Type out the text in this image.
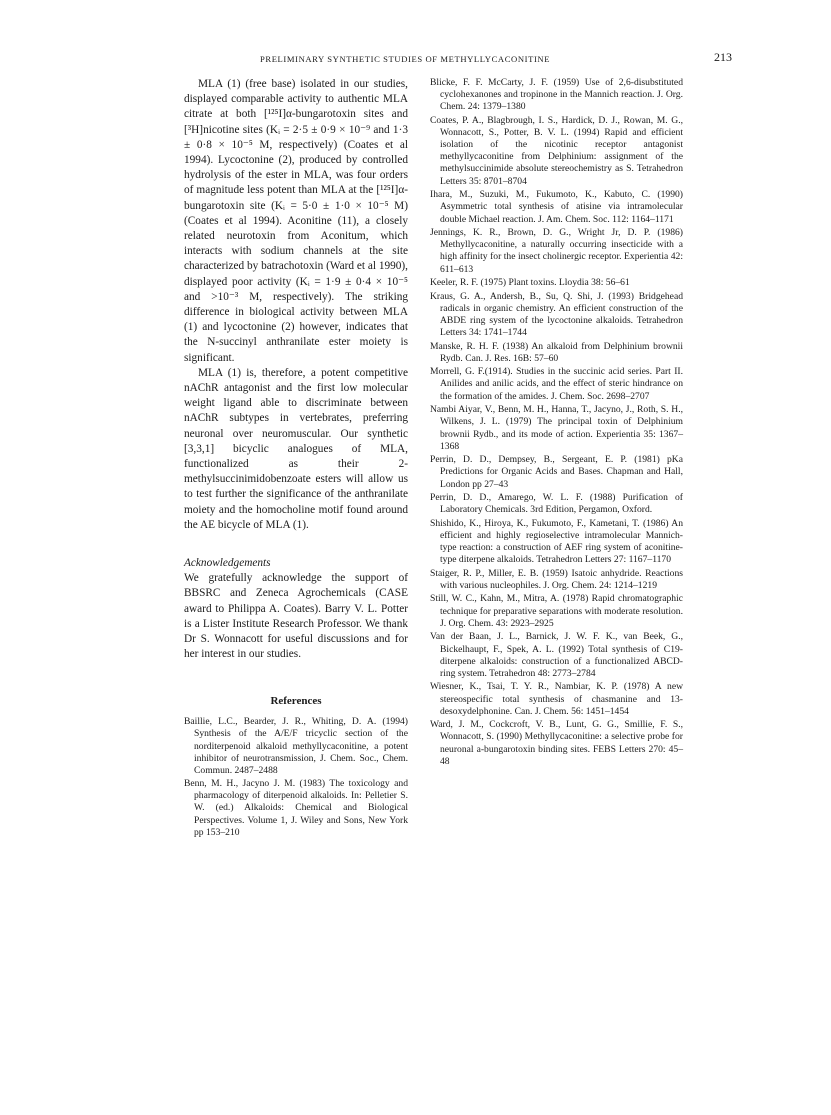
PRELIMINARY SYNTHETIC STUDIES OF METHYLLYCACONITINE	213

MLA (1) (free base) isolated in our studies, displayed comparable activity to authentic MLA citrate at both [¹²⁵I]α-bungarotoxin sites and [³H]nicotine sites (Kᵢ = 2·5 ± 0·9 × 10⁻⁹ and 1·3 ± 0·8 × 10⁻⁵ M, respectively) (Coates et al 1994). Lycoctonine (2), produced by controlled hydrolysis of the ester in MLA, was four orders of magnitude less potent than MLA at the [¹²⁵I]α-bungarotoxin site (Kᵢ = 5·0 ± 1·0 × 10⁻⁵ M) (Coates et al 1994). Aconitine (11), a closely related neurotoxin from Aconitum, which interacts with sodium channels at the site characterized by batrachotoxin (Ward et al 1990), displayed poor activity (Kᵢ = 1·9 ± 0·4 × 10⁻⁵ and >10⁻³ M, respectively). The striking difference in biological activity between MLA (1) and lycoctonine (2) however, indicates that the N-succinyl anthranilate ester moiety is significant.

MLA (1) is, therefore, a potent competitive nAChR antagonist and the first low molecular weight ligand able to discriminate between nAChR subtypes in vertebrates, preferring neuronal over neuromuscular. Our synthetic [3,3,1] bicyclic analogues of MLA, functionalized as their 2-methylsuccinimidobenzoate esters will allow us to test further the significance of the anthranilate moiety and the homocholine motif found around the AE bicycle of MLA (1).

Acknowledgements

We gratefully acknowledge the support of BBSRC and Zeneca Agrochemicals (CASE award to Philippa A. Coates). Barry V. L. Potter is a Lister Institute Research Professor. We thank Dr S. Wonnacott for useful discussions and for her interest in our studies.

References

Baillie, L.C., Bearder, J. R., Whiting, D. A. (1994) Synthesis of the A/E/F tricyclic section of the norditerpenoid alkaloid methyllycaconitine, a potent inhibitor of neurotransmission, J. Chem. Soc., Chem. Commun. 2487–2488

Benn, M. H., Jacyno J. M. (1983) The toxicology and pharmacology of diterpenoid alkaloids. In: Pelletier S. W. (ed.) Alkaloids: Chemical and Biological Perspectives. Volume 1, J. Wiley and Sons, New York pp 153–210

Blicke, F. F. McCarty, J. F. (1959) Use of 2,6-disubstituted cyclohexanones and tropinone in the Mannich reaction. J. Org. Chem. 24: 1379–1380

Coates, P. A., Blagbrough, I. S., Hardick, D. J., Rowan, M. G., Wonnacott, S., Potter, B. V. L. (1994) Rapid and efficient isolation of the nicotinic receptor antagonist methyllycaconitine from Delphinium: assignment of the methylsuccinimide absolute stereochemistry as S. Tetrahedron Letters 35: 8701–8704

Ihara, M., Suzuki, M., Fukumoto, K., Kabuto, C. (1990) Asymmetric total synthesis of atisine via intramolecular double Michael reaction. J. Am. Chem. Soc. 112: 1164–1171

Jennings, K. R., Brown, D. G., Wright Jr, D. P. (1986) Methyllycaconitine, a naturally occurring insecticide with a high affinity for the insect cholinergic receptor. Experientia 42: 611–613

Keeler, R. F. (1975) Plant toxins. Lloydia 38: 56–61

Kraus, G. A., Andersh, B., Su, Q. Shi, J. (1993) Bridgehead radicals in organic chemistry. An efficient construction of the ABDE ring system of the lycoctonine alkaloids. Tetrahedron Letters 34: 1741–1744

Manske, R. H. F. (1938) An alkaloid from Delphinium brownii Rydb. Can. J. Res. 16B: 57–60

Morrell, G. F.(1914). Studies in the succinic acid series. Part II. Anilides and anilic acids, and the effect of steric hindrance on the formation of the amides. J. Chem. Soc. 2698–2707

Nambi Aiyar, V., Benn, M. H., Hanna, T., Jacyno, J., Roth, S. H., Wilkens, J. L. (1979) The principal toxin of Delphinium brownii Rydb., and its mode of action. Experientia 35: 1367–1368

Perrin, D. D., Dempsey, B., Sergeant, E. P. (1981) pKa Predictions for Organic Acids and Bases. Chapman and Hall, London pp 27–43

Perrin, D. D., Amarego, W. L. F. (1988) Purification of Laboratory Chemicals. 3rd Edition, Pergamon, Oxford.

Shishido, K., Hiroya, K., Fukumoto, F., Kametani, T. (1986) An efficient and highly regioselective intramolecular Mannich-type reaction: a construction of AEF ring system of aconitine-type diterpene alkaloids. Tetrahedron Letters 27: 1167–1170

Staiger, R. P., Miller, E. B. (1959) Isatoic anhydride. Reactions with various nucleophiles. J. Org. Chem. 24: 1214–1219

Still, W. C., Kahn, M., Mitra, A. (1978) Rapid chromatographic technique for preparative separations with moderate resolution. J. Org. Chem. 43: 2923–2925

Van der Baan, J. L., Barnick, J. W. F. K., van Beek, G., Bickelhaupt, F., Spek, A. L. (1992) Total synthesis of C19-diterpene alkaloids: construction of a functionalized ABCD-ring system. Tetrahedron 48: 2773–2784

Wiesner, K., Tsai, T. Y. R., Nambiar, K. P. (1978) A new stereospecific total synthesis of chasmanine and 13-desoxydelphonine. Can. J. Chem. 56: 1451–1454

Ward, J. M., Cockcroft, V. B., Lunt, G. G., Smillie, F. S., Wonnacott, S. (1990) Methyllycaconitine: a selective probe for neuronal a-bungarotoxin binding sites. FEBS Letters 270: 45–48
